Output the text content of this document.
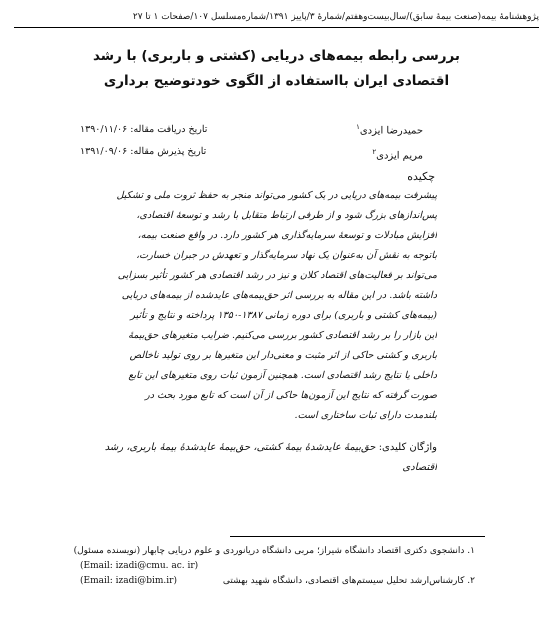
پژوهشنامهٔ بیمه(صنعت بیمهٔ سابق)/سال‌بیست‌وهفتم/شمارهٔ ۳/پاییز ۱۳۹۱/شماره‌مسلسل ۱۰۷/صفحات ۱ تا ۲۷
بررسی رابطه بیمه‌های دریایی (کشتی و باربری) با رشد
اقتصادی ایران بااستفاده از الگوی خودتوضیح برداری
حمیدرضا ایزدی$^۱$
مریم ایزدی$^۲$
تاریخ دریافت مقاله: ۱۳۹۰/۱۱/۰۶
تاریخ پذیرش مقاله: ۱۳۹۱/۰۹/۰۶
چکیده
پیشرفت بیمه‌های دریایی در یک کشور می‌تواند منجر به حفظ ثروت ملی و تشکیل
پس‌اندازهای بزرگ شود و از طرفی ارتباط متقابل با رشد و توسعهٔ اقتصادی،
افزایش مبادلات و توسعهٔ سرمایه‌گذاری هر کشور دارد. در واقع صنعت بیمه،
باتوجه به نقش آن به‌عنوان یک نهاد سرمایه‌گذار و تعهدش در جبران خسارت،
می‌تواند بر فعالیت‌های اقتصاد کلان و نیز در رشد اقتصادی هر کشور تأثیر بسزایی
داشته باشد. در این مقاله به بررسی اثر حق‌بیمه‌های عایدشده از بیمه‌های دریایی
(بیمه‌های کشتی و باربری) برای دوره زمانی ۱۳۸۷-۱۳۵۰ پرداخته و نتایج و تأثیر
این بازار را بر رشد اقتصادی کشور بررسی می‌کنیم. ضرایب متغیرهای حق‌بیمهٔ
باربری و کشتی حاکی از اثر مثبت و معنی‌دار این متغیرها بر روی تولید ناخالص
داخلی یا نتایج رشد اقتصادی است. همچنین آزمون ثبات روی متغیرهای این تابع
صورت گرفته که نتایج این آزمون‌ها حاکی از آن است که تابع مورد بحث در
بلندمدت دارای ثبات ساختاری است.
واژگان کلیدی: حق‌بیمهٔ عایدشدهٔ بیمهٔ کشتی، حق‌بیمهٔ عایدشدهٔ بیمهٔ باربری، رشد
اقتصادی
۱. دانشجوی دکتری اقتصاد دانشگاه شیراز؛ مربی دانشگاه دریانوردی و علوم دریایی چابهار (نویسنده مسئول)
(Email: izadi@cmu. ac. ir)
۲. کارشناس‌ارشد تحلیل سیستم‌های اقتصادی، دانشگاه شهید بهشتی
(Email: izadi@bim.ir)
